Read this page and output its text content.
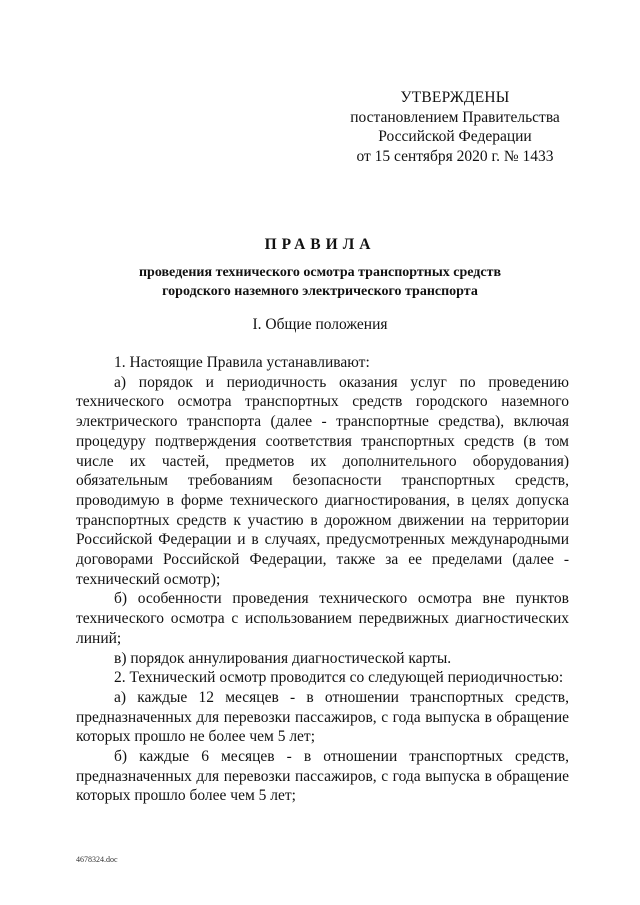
УТВЕРЖДЕНЫ
постановлением Правительства
Российской Федерации
от 15 сентября 2020 г. № 1433
ПРАВИЛА
проведения технического осмотра транспортных средств
городского наземного электрического транспорта
I. Общие положения

1. Настоящие Правила устанавливают:

а) порядок и периодичность оказания услуг по проведению технического осмотра транспортных средств городского наземного электрического транспорта (далее - транспортные средства), включая процедуру подтверждения соответствия транспортных средств (в том числе их частей, предметов их дополнительного оборудования) обязательным требованиям безопасности транспортных средств, проводимую в форме технического диагностирования, в целях допуска транспортных средств к участию в дорожном движении на территории Российской Федерации и в случаях, предусмотренных международными договорами Российской Федерации, также за ее пределами (далее - технический осмотр);

б) особенности проведения технического осмотра вне пунктов технического осмотра с использованием передвижных диагностических линий;

в) порядок аннулирования диагностической карты.

2. Технический осмотр проводится со следующей периодичностью:

а) каждые 12 месяцев - в отношении транспортных средств, предназначенных для перевозки пассажиров, с года выпуска в обращение которых прошло не более чем 5 лет;

б) каждые 6 месяцев - в отношении транспортных средств, предназначенных для перевозки пассажиров, с года выпуска в обращение которых прошло более чем 5 лет;

4678324.doc
